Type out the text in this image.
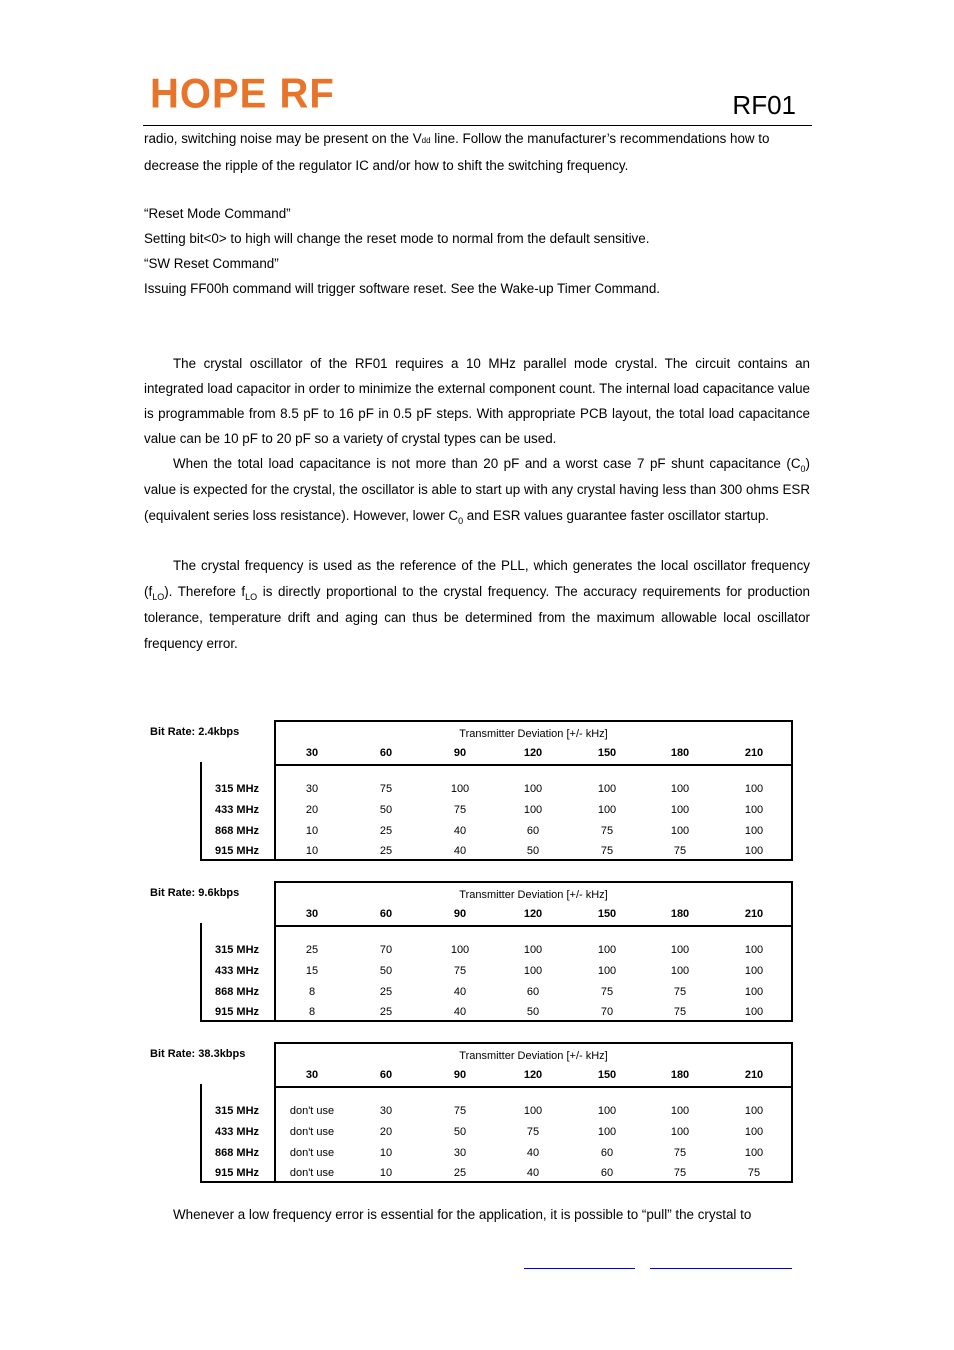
HOPE RF	RF01
radio, switching noise may be present on the Vdd line. Follow the manufacturer’s recommendations how to
decrease the ripple of the regulator IC and/or how to shift the switching frequency.
“Reset Mode Command”
Setting bit<0> to high will change the reset mode to normal from the default sensitive.
“SW Reset Command”
Issuing FF00h command will trigger software reset. See the Wake-up Timer Command.
The crystal oscillator of the RF01 requires a 10 MHz parallel mode crystal. The circuit contains an integrated load capacitor in order to minimize the external component count. The internal load capacitance value is programmable from 8.5 pF to 16 pF in 0.5 pF steps. With appropriate PCB layout, the total load capacitance value can be 10 pF to 20 pF so a variety of crystal types can be used.
When the total load capacitance is not more than 20 pF and a worst case 7 pF shunt capacitance $(C_0)$ value is expected for the crystal, the oscillator is able to start up with any crystal having less than 300 ohms ESR (equivalent series loss resistance). However, lower $C_0$ and ESR values guarantee faster oscillator startup.
The crystal frequency is used as the reference of the PLL, which generates the local oscillator frequency $(f_{LO})$. Therefore $f_{LO}$ is directly proportional to the crystal frequency. The accuracy requirements for production tolerance, temperature drift and aging can thus be determined from the maximum allowable local oscillator frequency error.
Bit Rate: 2.4kbps	Transmitter Deviation [+/- kHz]
30	60	90	120	150	180	210
315 MHz	30	75	100	100	100	100	100
433 MHz	20	50	75	100	100	100	100
868 MHz	10	25	40	60	75	100	100
915 MHz	10	25	40	50	75	75	100
Bit Rate: 9.6kbps	Transmitter Deviation [+/- kHz]
30	60	90	120	150	180	210
315 MHz	25	70	100	100	100	100	100
433 MHz	15	50	75	100	100	100	100
868 MHz	8	25	40	60	75	75	100
915 MHz	8	25	40	50	70	75	100
Bit Rate: 38.3kbps	Transmitter Deviation [+/- kHz]
30	60	90	120	150	180	210
315 MHz	don't use	30	75	100	100	100	100
433 MHz	don't use	20	50	75	100	100	100
868 MHz	don't use	10	30	40	60	75	100
915 MHz	don't use	10	25	40	60	75	75
Whenever a low frequency error is essential for the application, it is possible to “pull” the crystal to
